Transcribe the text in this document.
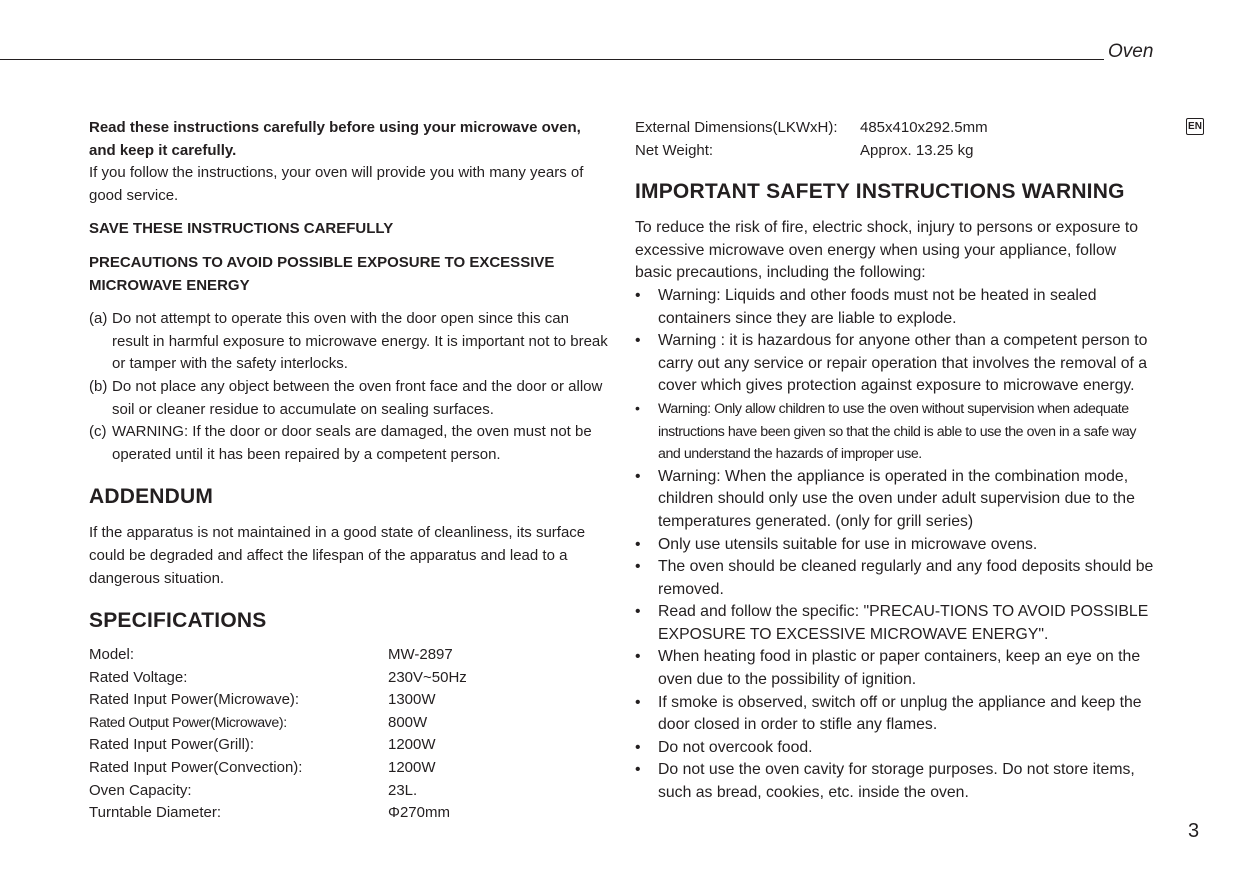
Oven
EN

Read these instructions carefully before using your microwave oven, and keep it carefully.

If you follow the instructions, your oven will provide you with many years of good service.

SAVE THESE INSTRUCTIONS CAREFULLY

PRECAUTIONS TO AVOID POSSIBLE EXPOSURE TO EXCESSIVE MICROWAVE ENERGY

(a) Do not attempt to operate this oven with the door open since this can result in harmful exposure to microwave energy. It is important not to break or tamper with the safety interlocks.
(b) Do not place any object between the oven front face and the door or allow soil or cleaner residue to accumulate on sealing surfaces.
(c) WARNING: If the door or door seals are damaged, the oven must not be operated until it has been repaired by a competent person.
ADDENDUM

If the apparatus is not maintained in a good state of cleanliness, its surface could be degraded and affect the lifespan of the apparatus and lead to a dangerous situation.

SPECIFICATIONS
Model:	MW-2897
Rated Voltage:	230V~50Hz
Rated Input Power(Microwave):	1300W
Rated Output Power(Microwave):	800W
Rated Input Power(Grill):	1200W
Rated Input Power(Convection):	1200W
Oven Capacity:	23L.
Turntable Diameter:	Φ270mm
External Dimensions(LKWxH):	485x410x292.5mm
Net Weight:	Approx. 13.25 kg
IMPORTANT SAFETY INSTRUCTIONS WARNING

To reduce the risk of fire, electric shock, injury to persons or exposure to excessive microwave oven energy when using your appliance, follow basic precautions, including the following:

• Warning: Liquids and other foods must not be heated in sealed containers since they are liable to explode.
• Warning : it is hazardous for anyone other than a competent person to carry out any service or repair operation that involves the removal of a cover which gives protection against exposure to microwave energy.
• Warning: Only allow children to use the oven without supervision when adequate instructions have been given so that the child is able to use the oven in a safe way and understand the hazards of improper use.
• Warning: When the appliance is operated in the combination mode, children should only use the oven under adult supervision due to the temperatures generated. (only for grill series)
• Only use utensils suitable for use in microwave ovens.
• The oven should be cleaned regularly and any food deposits should be removed.
• Read and follow the specific: "PRECAU-TIONS TO AVOID POSSIBLE EXPOSURE TO EXCESSIVE MICROWAVE ENERGY".
• When heating food in plastic or paper containers, keep an eye on the oven due to the possibility of ignition.
• If smoke is observed, switch off or unplug the appliance and keep the door closed in order to stifle any flames.
• Do not overcook food.
• Do not use the oven cavity for storage purposes. Do not store items, such as bread, cookies, etc. inside the oven.
3
